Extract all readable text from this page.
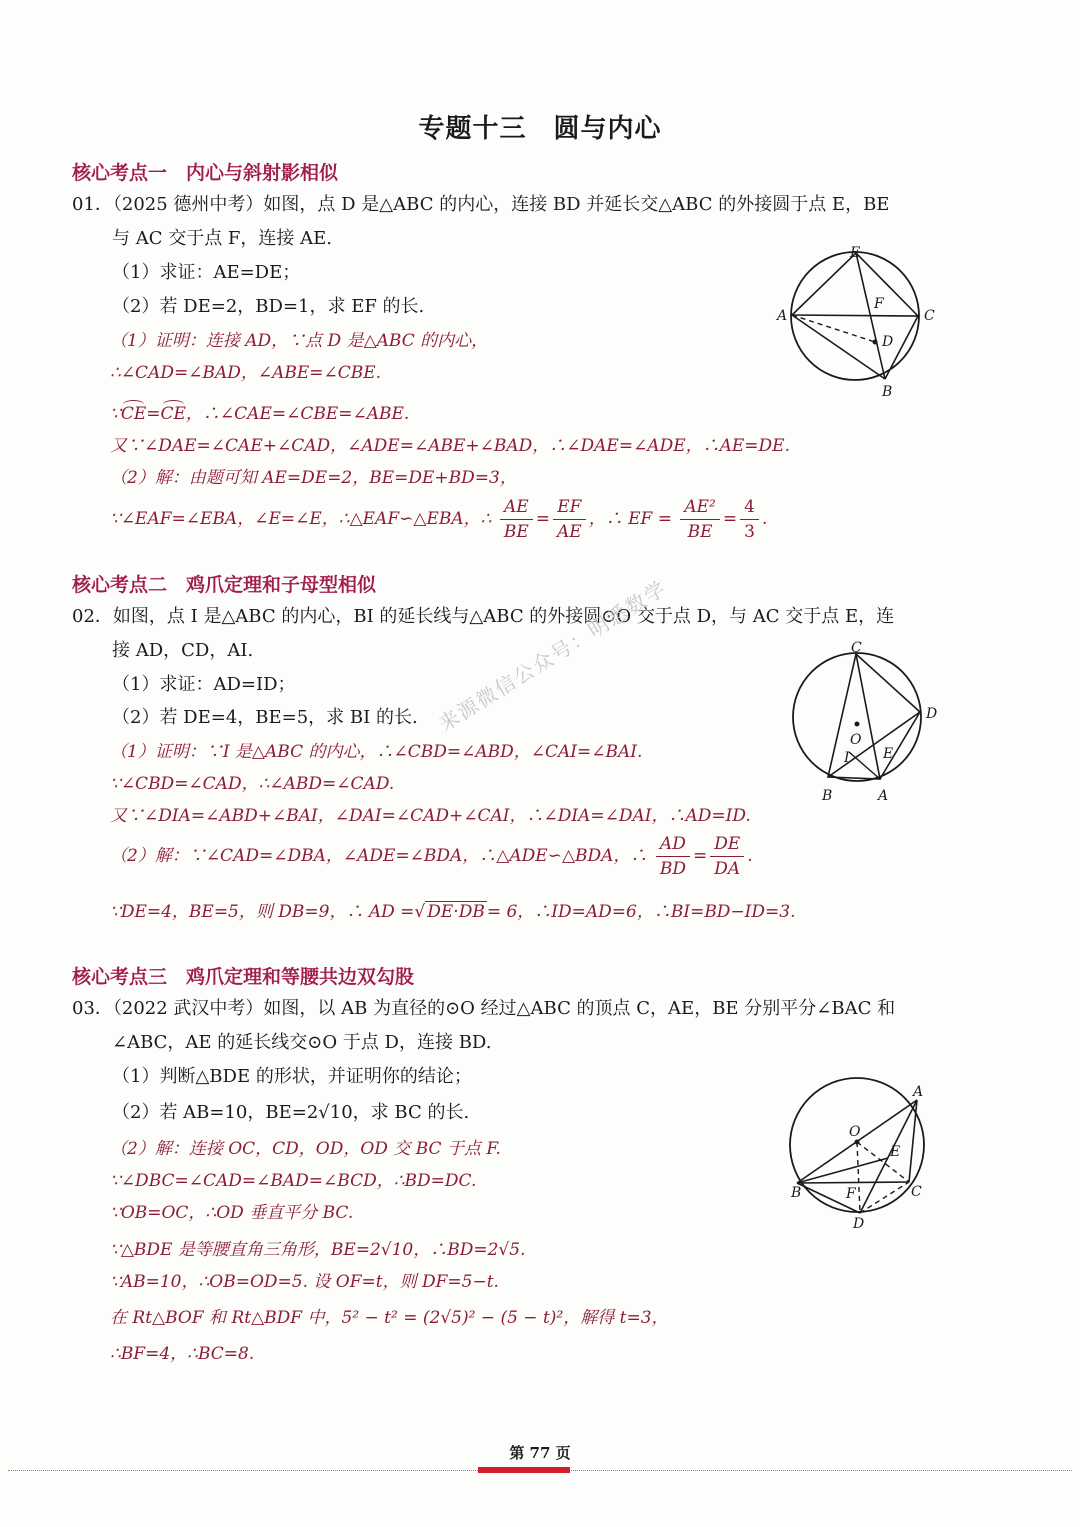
专题十三　圆与内心
核心考点一　内心与斜射影相似
01．（2025 德州中考）如图，点 D 是△ABC 的内心，连接 BD 并延长交△ABC 的外接圆于点 E，BE
与 AC 交于点 F，连接 AE.
（1）求证：AE=DE；
（2）若 DE=2，BD=1，求 EF 的长.
（1）证明：连接 AD，∵点 D 是△ABC 的内心，
∴∠CAD=∠BAD，∠ABE=∠CBE.
∵CE=CE，∴∠CAE=∠CBE=∠ABE.
又∵∠DAE=∠CAE+∠CAD，∠ADE=∠ABE+∠BAD，∴∠DAE=∠ADE，∴AE=DE.
（2）解：由题可知 AE=DE=2，BE=DE+BD=3，
∵∠EAF=∠EBA，∠E=∠E，∴△EAF∽△EBA，∴ $\frac{AE}{BE} = \frac{EF}{AE}$ ，∴ EF = $\frac{\text{AE²}}{BE} = \frac{4}{3}$ .
E
F
A	C
D
B
核心考点二　鸡爪定理和子母型相似
02．如图，点 I 是△ABC 的内心，BI 的延长线与△ABC 的外接圆⊙O 交于点 D，与 AC 交于点 E，连
接 AD，CD，AI.
（1）求证：AD=ID；
（2）若 DE=4，BE=5，求 BI 的长.
（1）证明：∵I 是△ABC 的内心，∴∠CBD=∠ABD，∠CAI=∠BAI.
∵∠CBD=∠CAD，∴∠ABD=∠CAD.
又∵∠DIA=∠ABD+∠BAI，∠DAI=∠CAD+∠CAI，∴∠DIA=∠DAI，∴AD=ID.
（2）解：∵∠CAD=∠DBA，∠ADE=∠BDA，∴△ADE∽△BDA，∴ $\frac{AD}{BD} = \frac{DE}{DA}$ .
∵DE=4，BE=5，则 DB=9，∴ AD =√ DE·DB = 6，∴ID=AD=6，∴BI=BD−ID=3.
来源微信公众号：明悉数学	C
D
O
I E
B	A
核心考点三　鸡爪定理和等腰共边双勾股
03．（2022 武汉中考）如图，以 AB 为直径的⊙O 经过△ABC 的顶点 C，AE，BE 分别平分∠BAC 和
∠ABC，AE 的延长线交⊙O 于点 D，连接 BD.
（1）判断△BDE 的形状，并证明你的结论；
（2）若 AB=10，BE=2√10，求 BC 的长.
（2）解：连接 OC，CD，OD，OD 交 BC 于点 F.
∵∠DBC=∠CAD=∠BAD=∠BCD，∴BD=DC.
∵OB=OC，∴OD 垂直平分 BC.
∵△BDE 是等腰直角三角形，BE=2√10，∴BD=2√5.
∵AB=10，∴OB=OD=5. 设 OF=t，则 DF=5−t.
在 Rt△BOF 和 Rt△BDF 中，5² − t² = (2√5)² − (5 − t)²，解得 t=3，
∴BF=4，∴BC=8.
A
O
E
B	F	C
D
第 77 页
